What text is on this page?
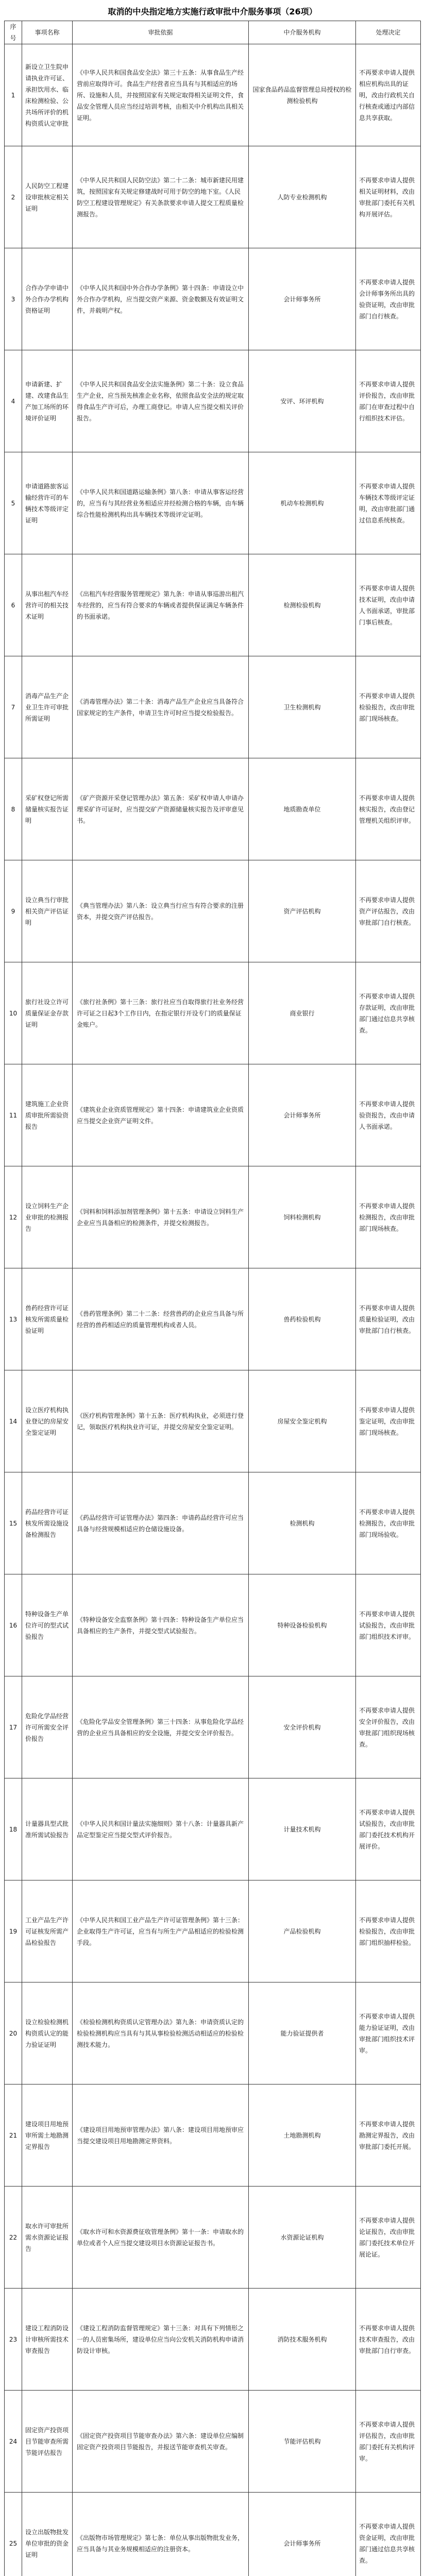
取消的中央指定地方实施行政审批中介服务事项（26项）
序号	事项名称	审批依据	中介服务机构	处理决定
1	新设立卫生院申请执业许可证、承担饮用水、临床检测检验、公共场所评价的机构资质认定审批	《中华人民共和国食品安全法》第三十五条：从事食品生产经营前应取得许可。食品生产经营者应当具有与其相适应的场所、设施和人员，并按照国家有关规定取得相关证明文件，食品安全管理人员应当经过培训考核，由相关中介机构出具相关证明。	国家食品药品监督管理总局授权的检测检验机构	不再要求申请人提供相应机构出具的证明，改由行政机关自行核查或通过内部信息共享获取。
2	人民防空工程建设审批核定相关证明	《中华人民共和国人民防空法》第二十二条：城市新建民用建筑，按照国家有关规定修建战时可用于防空的地下室。《人民防空工程建设管理规定》有关条款要求申请人提交工程质量检测报告。	人防专业检测机构	不再要求申请人提供相关证明材料，改由审批部门委托有关机构开展评估。
3	合作办学申请中外合作办学机构资格证明	《中华人民共和国中外合作办学条例》第十四条：申请设立中外合作办学机构，应当提交资产来源、资金数额及有效证明文件，并载明产权。	会计师事务所	不再要求申请人提供会计师事务所出具的验资证明，改由审批部门自行核查。
4	申请新建、扩建、改建食品生产加工场所的环境评价证明	《中华人民共和国食品安全法实施条例》第二十条：设立食品生产企业，应当预先核准企业名称，依照食品安全法的规定取得食品生产许可后，办理工商登记。申请人应当提交相关评价报告。	安评、环评机构	不再要求申请人提供评价报告，改由审批部门在审查过程中自行组织技术评估。
5	申请道路旅客运输经营许可的车辆技术等级评定证明	《中华人民共和国道路运输条例》第八条：申请从事客运经营的，应当有与其经营业务相适应并经检测合格的车辆，由车辆综合性能检测机构出具车辆技术等级评定证明。	机动车检测机构	不再要求申请人提供车辆技术等级评定证明，改由审批部门通过信息系统核查。
6	从事出租汽车经营许可的相关技术证明	《出租汽车经营服务管理规定》第九条：申请从事巡游出租汽车经营的，应当有符合要求的车辆或者提供保证满足车辆条件的书面承诺。	检测检验机构	不再要求申请人提供技术证明，改由申请人书面承诺，审批部门事后核查。
7	消毒产品生产企业卫生许可审批所需证明	《消毒管理办法》第二十条：消毒产品生产企业应当具备符合国家规定的生产条件，申请卫生许可时应当提交检验报告。	卫生检测机构	不再要求申请人提供检验报告，改由审批部门现场核查。
8	采矿权登记所需储量核实报告证明	《矿产资源开采登记管理办法》第五条：采矿权申请人申请办理采矿许可证时，应当提交矿产资源储量核实报告及评审意见书。	地质勘查单位	不再要求申请人提供核实报告，改由登记管理机关组织评审。
9	设立典当行审批相关资产评估证明	《典当管理办法》第八条：设立典当行应当有符合要求的注册资本，并提交资产评估报告。	资产评估机构	不再要求申请人提供资产评估报告，改由审批部门自行核查。
10	旅行社设立许可质量保证金存款证明	《旅行社条例》第十三条：旅行社应当自取得旅行社业务经营许可证之日起3个工作日内，在指定银行开设专门的质量保证金账户。	商业银行	不再要求申请人提供存款证明，改由审批部门通过信息共享核查。
11	建筑施工企业资质审批所需验资报告	《建筑业企业资质管理规定》第十四条：申请建筑业企业资质应当提交企业资产证明文件。	会计师事务所	不再要求申请人提供验资报告，改由申请人书面承诺。
12	设立饲料生产企业审批的检测报告	《饲料和饲料添加剂管理条例》第十五条：申请设立饲料生产企业应当具备相应的检测条件，并提交检测报告。	饲料检测机构	不再要求申请人提供检测报告，改由审批部门现场核查。
13	兽药经营许可证核发所需质量检验证明	《兽药管理条例》第二十二条：经营兽药的企业应当具备与所经营的兽药相适应的质量管理机构或者人员。	兽药检验机构	不再要求申请人提供质量检验证明，改由审批部门自行核查。
14	设立医疗机构执业登记的房屋安全鉴定证明	《医疗机构管理条例》第十五条：医疗机构执业，必须进行登记，领取医疗机构执业许可证，并提交房屋安全鉴定证明。	房屋安全鉴定机构	不再要求申请人提供鉴定证明，改由审批部门现场核查。
15	药品经营许可证核发所需设施设备检测报告	《药品经营许可证管理办法》第四条：申请药品经营许可应当具备与经营规模相适应的仓储设施设备。	检测机构	不再要求申请人提供检测报告，改由审批部门现场验收。
16	特种设备生产单位许可的型式试验报告	《特种设备安全监察条例》第十四条：特种设备生产单位应当具备相应的生产条件，并提交型式试验报告。	特种设备检验机构	不再要求申请人提供试验报告，改由审批部门组织技术评审。
17	危险化学品经营许可所需安全评价报告	《危险化学品安全管理条例》第三十四条：从事危险化学品经营的企业应当具备相应的安全设施，并提交安全评价报告。	安全评价机构	不再要求申请人提供安全评价报告，改由审批部门组织现场核查。
18	计量器具型式批准所需试验报告	《中华人民共和国计量法实施细则》第十八条：计量器具新产品定型鉴定应当提交型式评价报告。	计量技术机构	不再要求申请人提供试验报告，改由审批部门委托技术机构开展评价。
19	工业产品生产许可证核发所需产品检验报告	《中华人民共和国工业产品生产许可证管理条例》第十三条：企业取得生产许可证，应当有与所生产产品相适应的检验检测手段。	产品检验机构	不再要求申请人提供检验报告，改由审批部门组织抽样检验。
20	设立检验检测机构资质认定的能力验证证明	《检验检测机构资质认定管理办法》第九条：申请资质认定的检验检测机构应当具有与其从事检验检测活动相适应的检验检测技术能力。	能力验证提供者	不再要求申请人提供能力验证证明，改由审批部门组织技术评审。
21	建设项目用地预审所需土地勘测定界报告	《建设项目用地预审管理办法》第八条：建设项目用地预审应当提交建设项目用地勘测定界资料。	土地勘测机构	不再要求申请人提供勘测定界报告，改由审批部门委托开展。
22	取水许可审批所需水资源论证报告	《取水许可和水资源费征收管理条例》第十一条：申请取水的单位或者个人应当提交建设项目水资源论证报告书。	水资源论证机构	不再要求申请人提供论证报告，改由审批部门委托技术单位开展论证。
23	建设工程消防设计审核所需技术审查报告	《建设工程消防监督管理规定》第十三条：对具有下列情形之一的人员密集场所，建设单位应当向公安机关消防机构申请消防设计审核。	消防技术服务机构	不再要求申请人提供技术审查报告，改由审批部门自行审查。
24	固定资产投资项目节能审查所需节能评估报告	《固定资产投资项目节能审查办法》第六条：建设单位应编制固定资产投资项目节能报告，并报送节能审查机关审查。	节能评估机构	不再要求申请人提供评估报告，改由审批部门委托有关机构评审。
25	设立出版物批发单位审批的资金证明	《出版物市场管理规定》第七条：单位从事出版物批发业务，应当具备与其业务规模相适应的注册资本。	会计师事务所	不再要求申请人提供资金证明，改由审批部门通过信息共享核查。
